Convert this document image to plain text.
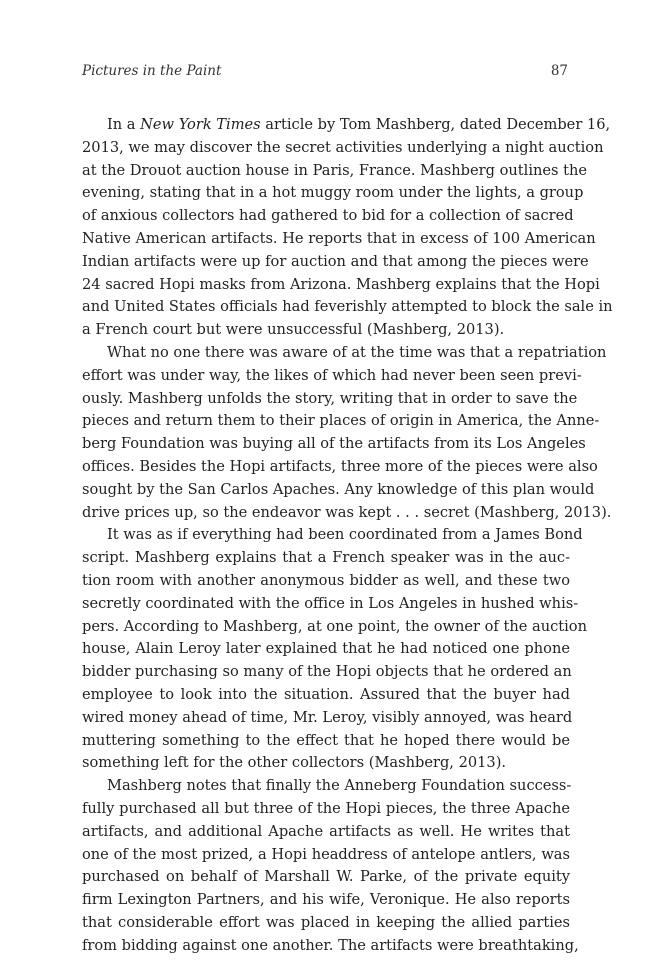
Pictures in the Paint	87
In a New York Times article by Tom Mashberg, dated December 16,
2013, we may discover the secret activities underlying a night auction
at the Drouot auction house in Paris, France. Mashberg outlines the
evening, stating that in a hot muggy room under the lights, a group
of anxious collectors had gathered to bid for a collection of sacred
Native American artifacts. He reports that in excess of 100 American
Indian artifacts were up for auction and that among the pieces were
24 sacred Hopi masks from Arizona. Mashberg explains that the Hopi
and United States officials had feverishly attempted to block the sale in
a French court but were unsuccessful (Mashberg, 2013).
What no one there was aware of at the time was that a repatriation
effort was under way, the likes of which had never been seen previ-
ously. Mashberg unfolds the story, writing that in order to save the
pieces and return them to their places of origin in America, the Anne-
berg Foundation was buying all of the artifacts from its Los Angeles
offices. Besides the Hopi artifacts, three more of the pieces were also
sought by the San Carlos Apaches. Any knowledge of this plan would
drive prices up, so the endeavor was kept . . . secret (Mashberg, 2013).
It was as if everything had been coordinated from a James Bond
script. Mashberg explains that a French speaker was in the auc-
tion room with another anonymous bidder as well, and these two
secretly coordinated with the office in Los Angeles in hushed whis-
pers. According to Mashberg, at one point, the owner of the auction
house, Alain Leroy later explained that he had noticed one phone
bidder purchasing so many of the Hopi objects that he ordered an
employee to look into the situation. Assured that the buyer had
wired money ahead of time, Mr. Leroy, visibly annoyed, was heard
muttering something to the effect that he hoped there would be
something left for the other collectors (Mashberg, 2013).
Mashberg notes that finally the Anneberg Foundation success-
fully purchased all but three of the Hopi pieces, the three Apache
artifacts, and additional Apache artifacts as well. He writes that
one of the most prized, a Hopi headdress of antelope antlers, was
purchased on behalf of Marshall W. Parke, of the private equity
firm Lexington Partners, and his wife, Veronique. He also reports
that considerable effort was placed in keeping the allied parties
from bidding against one another. The artifacts were breathtaking,
